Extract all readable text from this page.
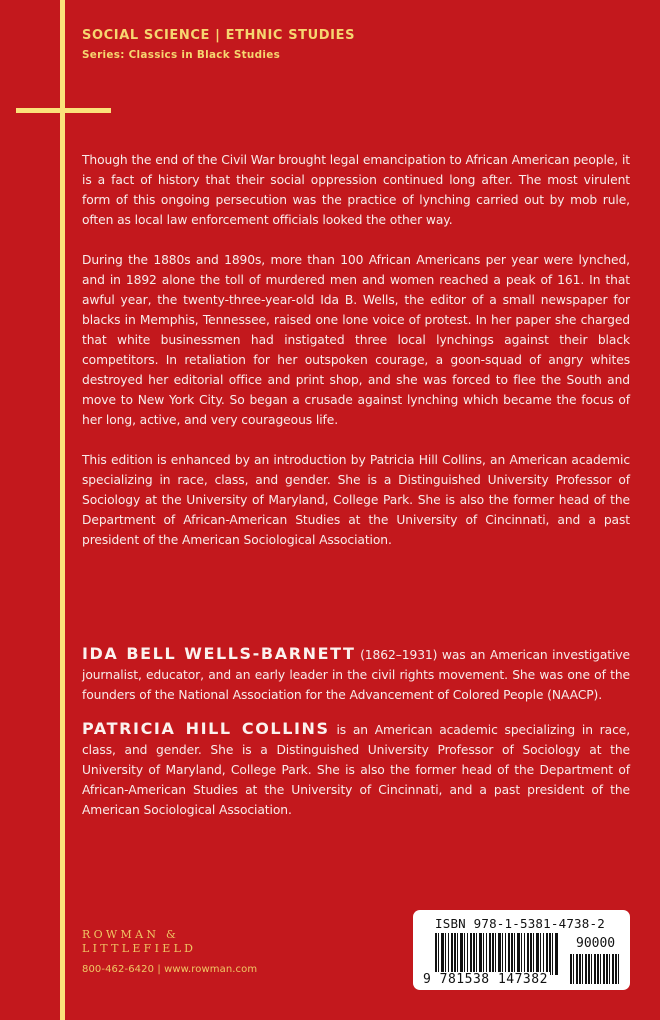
SOCIAL SCIENCE | ETHNIC STUDIES
Series: Classics in Black Studies

Though the end of the Civil War brought legal emancipation to African American people, it is a fact of history that their social oppression continued long after. The most virulent form of this ongoing persecution was the practice of lynching carried out by mob rule, often as local law enforcement officials looked the other way.

During the 1880s and 1890s, more than 100 African Americans per year were lynched, and in 1892 alone the toll of murdered men and women reached a peak of 161. In that awful year, the twenty-three-year-old Ida B. Wells, the editor of a small newspaper for blacks in Memphis, Tennessee, raised one lone voice of protest. In her paper she charged that white businessmen had instigated three local lynchings against their black competitors. In retaliation for her outspoken courage, a goon-squad of angry whites destroyed her editorial office and print shop, and she was forced to flee the South and move to New York City. So began a crusade against lynching which became the focus of her long, active, and very courageous life.

This edition is enhanced by an introduction by Patricia Hill Collins, an American academic specializing in race, class, and gender. She is a Distinguished University Professor of Sociology at the University of Maryland, College Park. She is also the former head of the Department of African-American Studies at the University of Cincinnati, and a past president of the American Sociological Association.

IDA BELL WELLS-BARNETT (1862–1931) was an American investigative journalist, educator, and an early leader in the civil rights movement. She was one of the founders of the National Association for the Advancement of Colored People (NAACP).

PATRICIA HILL COLLINS is an American academic specializing in race, class, and gender. She is a Distinguished University Professor of Sociology at the University of Maryland, College Park. She is also the former head of the Department of African-American Studies at the University of Cincinnati, and a past president of the American Sociological Association.

ROWMAN &
LITTLEFIELD
800-462-6420 | www.rowman.com
ISBN 978-1-5381-4738-2
90000
9 781538 147382
